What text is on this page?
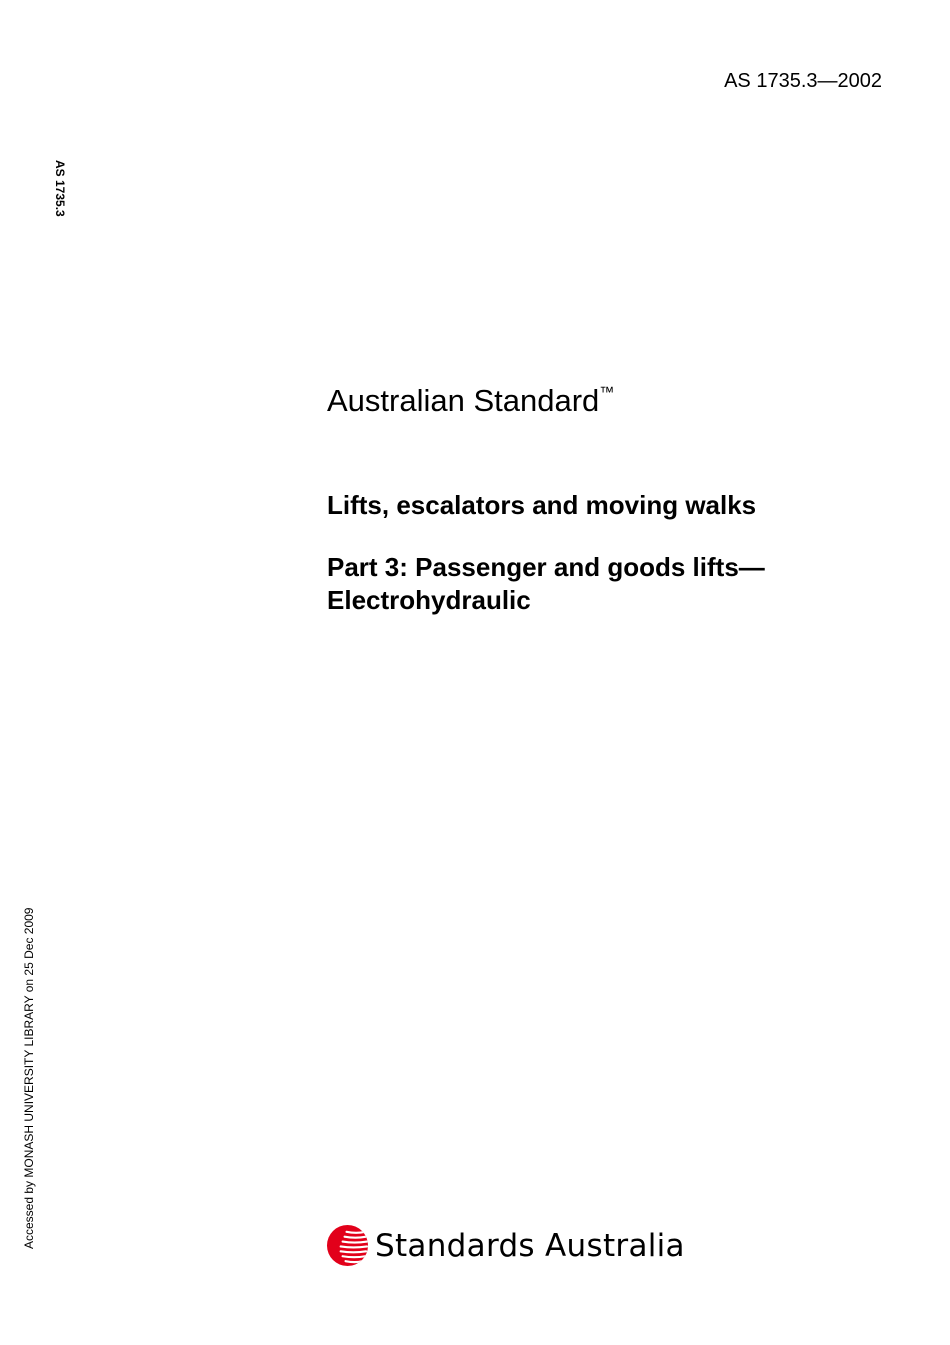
AS 1735.3—2002
AS 1735.3
Accessed by MONASH UNIVERSITY LIBRARY on 25 Dec 2009

Australian Standard™

Lifts, escalators and moving walks

Part 3: Passenger and goods lifts—Electrohydraulic

Standards Australia
